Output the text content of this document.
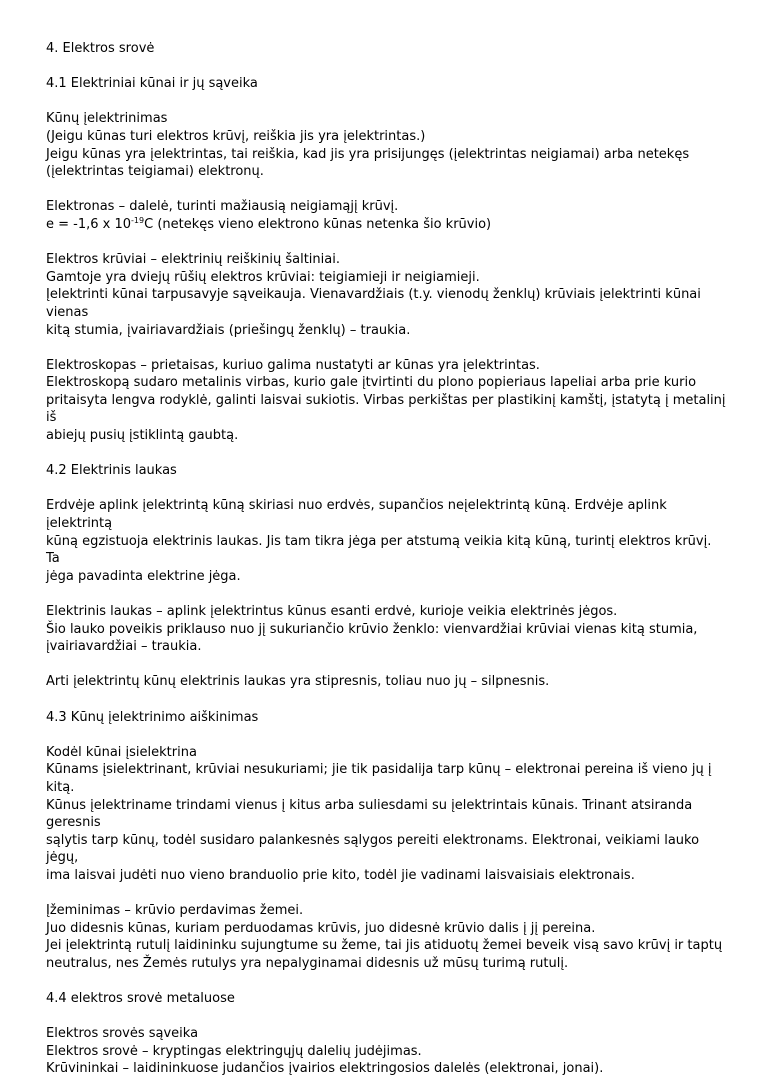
4. Elektros srovė

4.1 Elektriniai kūnai ir jų sąveika

Kūnų įelektrinimas
(Jeigu kūnas turi elektros krūvį, reiškia jis yra įelektrintas.)
Jeigu kūnas yra įelektrintas, tai reiškia, kad jis yra prisijungęs (įelektrintas neigiamai) arba netekęs
(įelektrintas teigiamai) elektronų.

Elektronas – dalelė, turinti mažiausią neigiamąjį krūvį.
e = -1,6 x $10^{-19}C$ (netekęs vieno elektrono kūnas netenka šio krūvio)

Elektros krūviai – elektrinių reiškinių šaltiniai.
Gamtoje yra dviejų rūšių elektros krūviai: teigiamieji ir neigiamieji.
Įelektrinti kūnai tarpusavyje sąveikauja. Vienavardžiais (t.y. vienodų ženklų) krūviais įelektrinti kūnai vienas
kitą stumia, įvairiavardžiais (priešingų ženklų) – traukia.

Elektroskopas – prietaisas, kuriuo galima nustatyti ar kūnas yra įelektrintas.
Elektroskopą sudaro metalinis virbas, kurio gale įtvirtinti du plono popieriaus lapeliai arba prie kurio
pritaisyta lengva rodyklė, galinti laisvai sukiotis. Virbas perkištas per plastikinį kamštį, įstatytą į metalinį iš
abiejų pusių įstiklintą gaubtą.

4.2 Elektrinis laukas

Erdvėje aplink įelektrintą kūną skiriasi nuo erdvės, supančios neįelektrintą kūną. Erdvėje aplink įelektrintą
kūną egzistuoja elektrinis laukas. Jis tam tikra jėga per atstumą veikia kitą kūną, turintį elektros krūvį. Ta
jėga pavadinta elektrine jėga.

Elektrinis laukas – aplink įelektrintus kūnus esanti erdvė, kurioje veikia elektrinės jėgos.
Šio lauko poveikis priklauso nuo jį sukuriančio krūvio ženklo: vienvardžiai krūviai vienas kitą stumia,
įvairiavardžiai – traukia.

Arti įelektrintų kūnų elektrinis laukas yra stipresnis, toliau nuo jų – silpnesnis.

4.3 Kūnų įelektrinimo aiškinimas

Kodėl kūnai įsielektrina
Kūnams įsielektrinant, krūviai nesukuriami; jie tik pasidalija tarp kūnų – elektronai pereina iš vieno jų į kitą.
Kūnus įelektriname trindami vienus į kitus arba suliesdami su įelektrintais kūnais. Trinant atsiranda geresnis
sąlytis tarp kūnų, todėl susidaro palankesnės sąlygos pereiti elektronams. Elektronai, veikiami lauko jėgų,
ima laisvai judėti nuo vieno branduolio prie kito, todėl jie vadinami laisvaisiais elektronais.

Įžeminimas – krūvio perdavimas žemei.
Juo didesnis kūnas, kuriam perduodamas krūvis, juo didesnė krūvio dalis į jį pereina.
Jei įelektrintą rutulį laidininku sujungtume su žeme, tai jis atiduotų žemei beveik visą savo krūvį ir taptų
neutralus, nes Žemės rutulys yra nepalyginamai didesnis už mūsų turimą rutulį.

4.4 elektros srovė metaluose

Elektros srovės sąveika
Elektros srovė – kryptingas elektringųjų dalelių judėjimas.
Krūvininkai – laidininkuose judančios įvairios elektringosios dalelės (elektronai, jonai).
